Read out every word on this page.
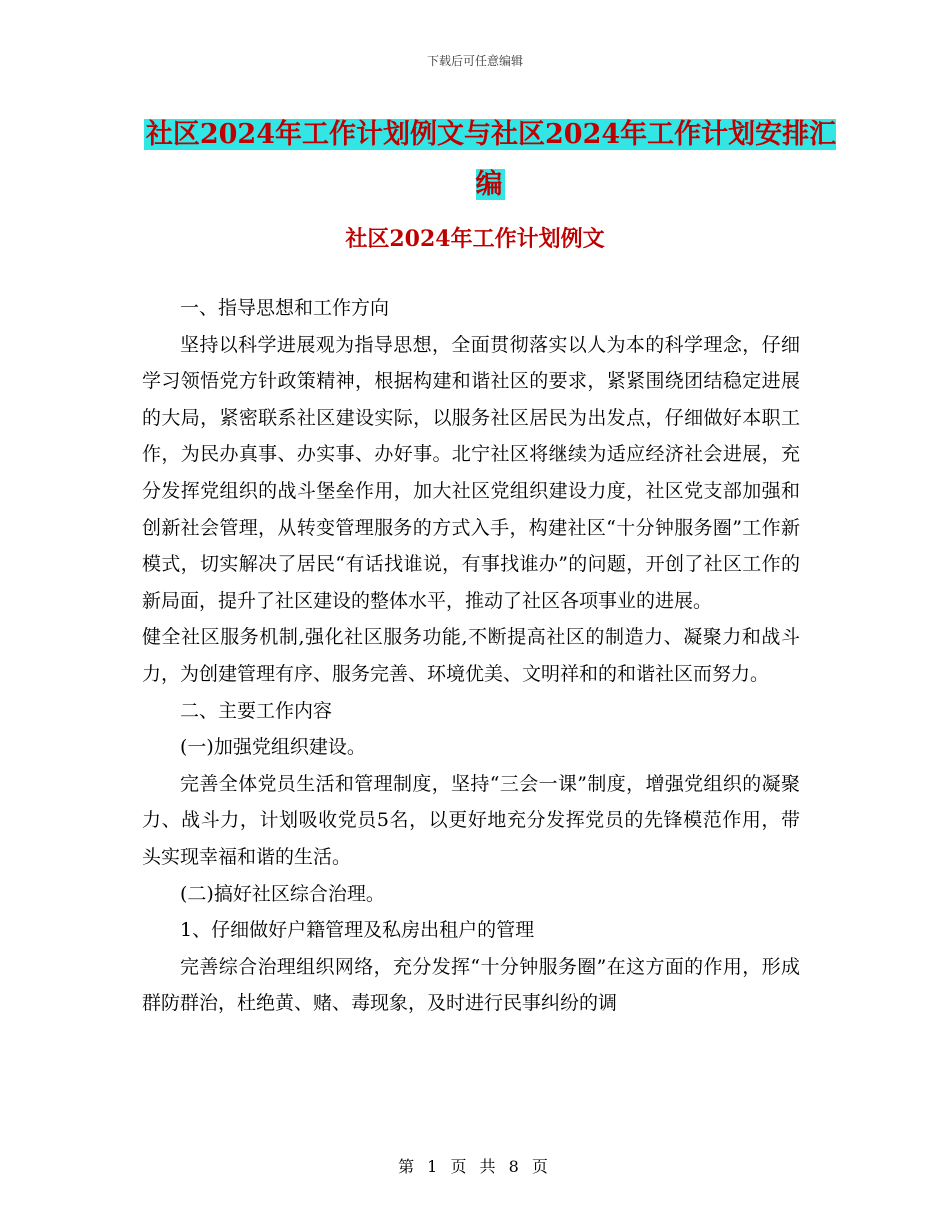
下载后可任意编辑
社区2024年工作计划例文与社区2024年工作计划安排汇编
社区2024年工作计划例文

一、指导思想和工作方向

坚持以科学进展观为指导思想，全面贯彻落实以人为本的科学理念，仔细学习领悟党方针政策精神，根据构建和谐社区的要求，紧紧围绕团结稳定进展的大局，紧密联系社区建设实际，以服务社区居民为出发点，仔细做好本职工作，为民办真事、办实事、办好事。北宁社区将继续为适应经济社会进展，充分发挥党组织的战斗堡垒作用，加大社区党组织建设力度，社区党支部加强和创新社会管理，从转变管理服务的方式入手，构建社区“十分钟服务圈”工作新模式，切实解决了居民“有话找谁说，有事找谁办”的问题，开创了社区工作的新局面，提升了社区建设的整体水平，推动了社区各项事业的进展。

健全社区服务机制,强化社区服务功能,不断提高社区的制造力、凝聚力和战斗力，为创建管理有序、服务完善、环境优美、文明祥和的和谐社区而努力。

二、主要工作内容

(一)加强党组织建设。

完善全体党员生活和管理制度，坚持“三会一课”制度，增强党组织的凝聚力、战斗力，计划吸收党员5名，以更好地充分发挥党员的先锋模范作用，带头实现幸福和谐的生活。

(二)搞好社区综合治理。

1、仔细做好户籍管理及私房出租户的管理

完善综合治理组织网络，充分发挥“十分钟服务圈”在这方面的作用，形成群防群治，杜绝黄、赌、毒现象，及时进行民事纠纷的调

第 1 页 共 8 页
